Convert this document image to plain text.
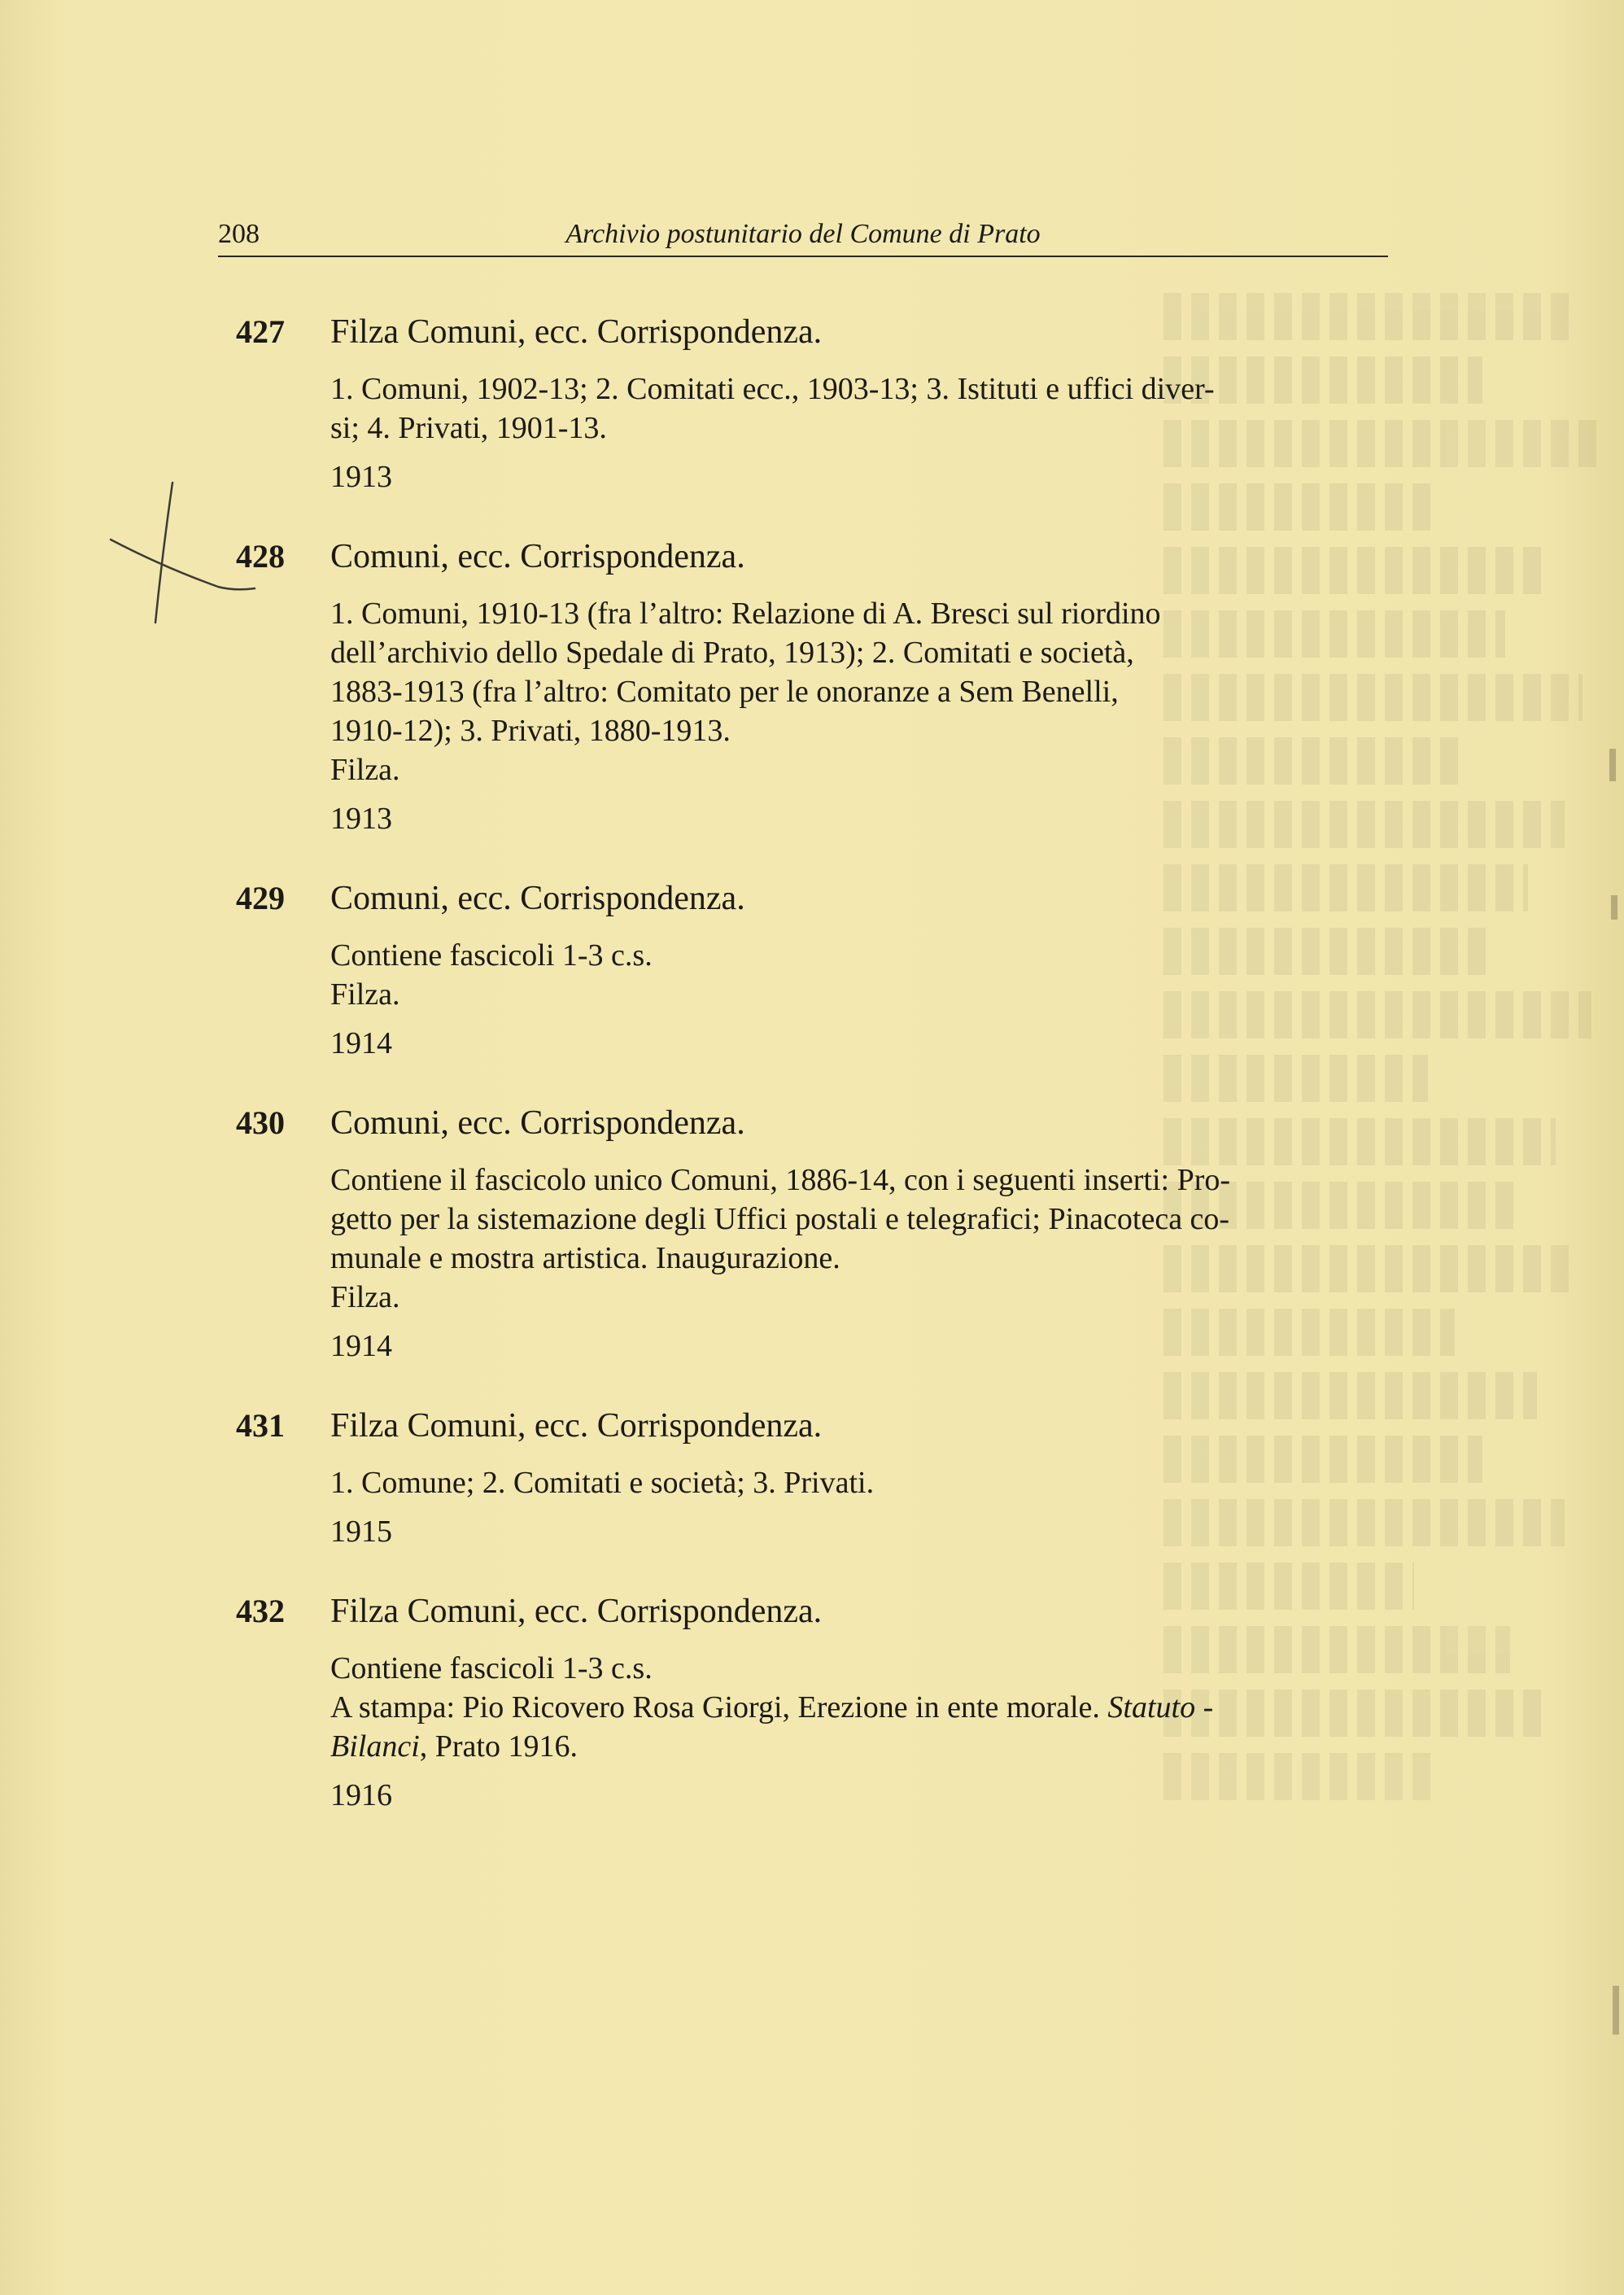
208	Archivio postunitario del Comune di Prato
427	Filza Comuni, ecc. Corrispondenza.

1. Comuni, 1902-13; 2. Comitati ecc., 1903-13; 3. Istituti e uffici diver-
si; 4. Privati, 1901-13.

1913
428	Comuni, ecc. Corrispondenza.

1. Comuni, 1910-13 (fra l’altro: Relazione di A. Bresci sul riordino
dell’archivio dello Spedale di Prato, 1913); 2. Comitati e società,
1883-1913 (fra l’altro: Comitato per le onoranze a Sem Benelli,
1910-12); 3. Privati, 1880-1913.
Filza.

1913
429	Comuni, ecc. Corrispondenza.

Contiene fascicoli 1-3 c.s.
Filza.

1914
430	Comuni, ecc. Corrispondenza.

Contiene il fascicolo unico Comuni, 1886-14, con i seguenti inserti: Pro-
getto per la sistemazione degli Uffici postali e telegrafici; Pinacoteca co-
munale e mostra artistica. Inaugurazione.
Filza.

1914
431	Filza Comuni, ecc. Corrispondenza.

1. Comune; 2. Comitati e società; 3. Privati.

1915
432	Filza Comuni, ecc. Corrispondenza.

Contiene fascicoli 1-3 c.s.
A stampa: Pio Ricovero Rosa Giorgi, Erezione in ente morale. Statuto -
Bilanci, Prato 1916.

1916
